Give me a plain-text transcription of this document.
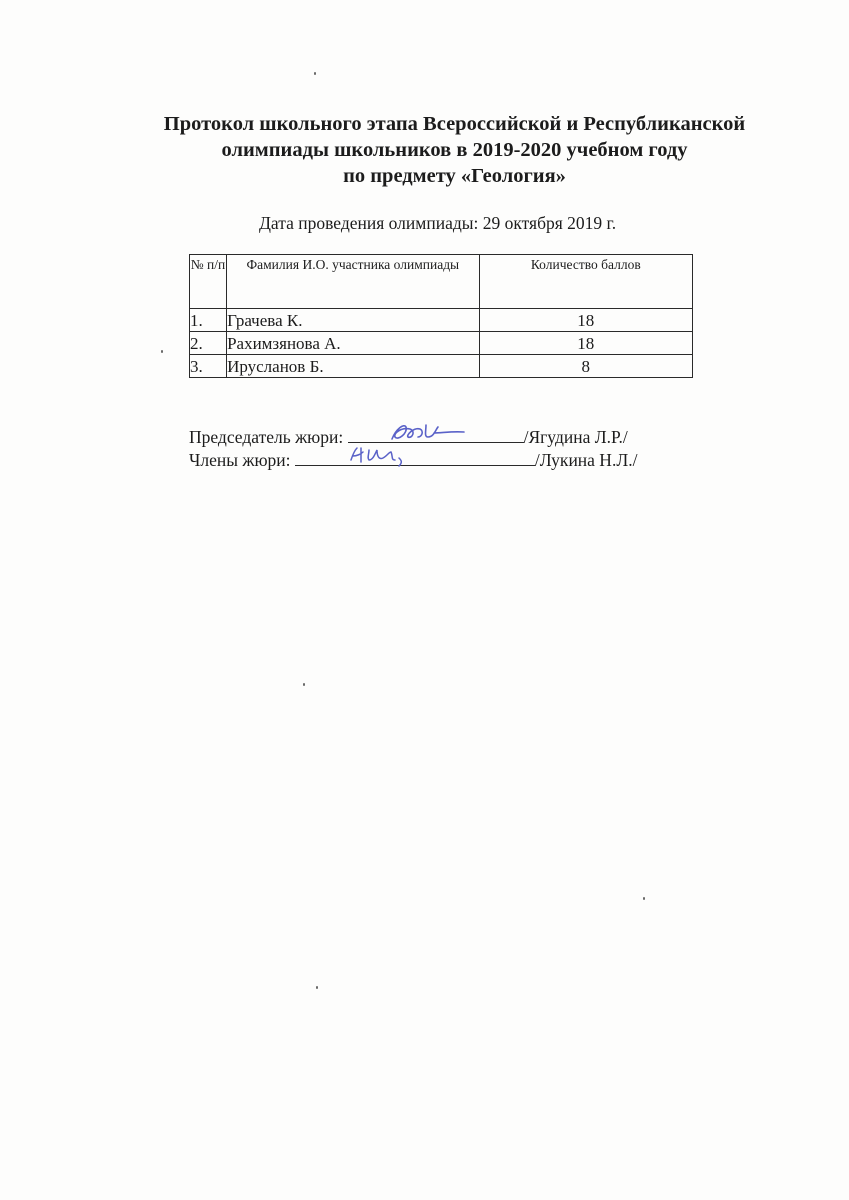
Протокол школьного этапа Всероссийской и Республиканской
олимпиады школьников в 2019-2020 учебном году
по предмету «Геология»
Дата проведения олимпиады: 29 октября 2019 г.
№ п/п	Фамилия И.О. участника олимпиады	Количество баллов
1.	Грачева К.	18
2.	Рахимзянова А.	18
3.	Ирусланов Б.	8
Председатель жюри:	/Ягудина Л.Р./
Члены жюри:	/Лукина Н.Л./
